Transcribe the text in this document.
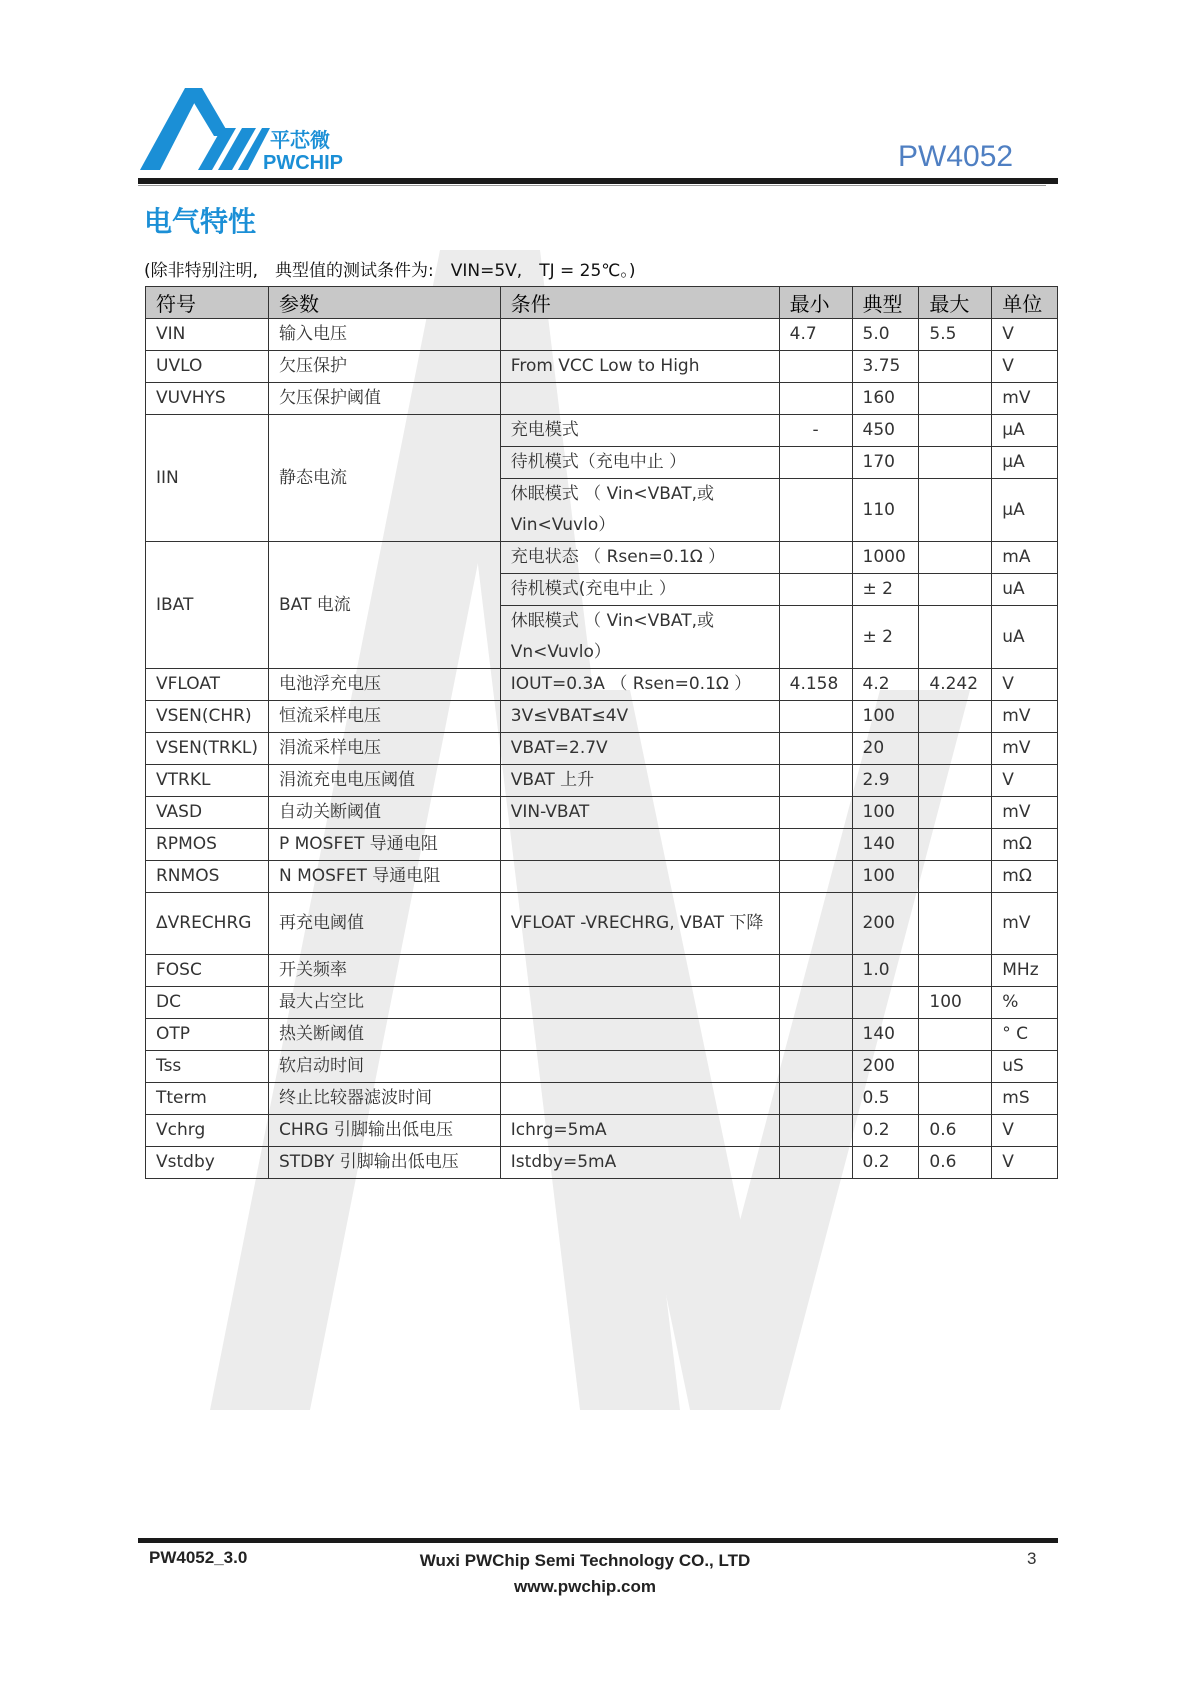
平芯微
PWCHIP	PW4052
电气特性
(除非特别注明,　典型值的测试条件为:　VIN=5V,　TJ = 25℃。)
符号	参数	条件	最小	典型	最大	单位
VIN	输入电压		4.7	5.0	5.5	V
UVLO	欠压保护	From VCC Low to High		3.75		V
VUVHYS	欠压保护阈值			160		mV
IIN	静态电流	充电模式	-	450		μA
		待机模式（充电中止 ）		170		μA
		休眠模式 （ Vin<VBAT,或Vin<Vuvlo）		110		μA
IBAT	BAT 电流	充电状态 （ Rsen=0.1Ω ）		1000		mA
		待机模式(充电中止 ）		± 2		uA
		休眠模式 （ Vin<VBAT,或Vn<Vuvlo）		± 2		uA
VFLOAT	电池浮充电压	IOUT=0.3A （ Rsen=0.1Ω ）	4.158	4.2	4.242	V
VSEN(CHR)	恒流采样电压	3V≤VBAT≤4V		100		mV
VSEN(TRKL)	涓流采样电压	VBAT=2.7V		20		mV
VTRKL	涓流充电电压阈值	VBAT 上升		2.9		V
VASD	自动关断阈值	VIN-VBAT		100		mV
RPMOS	P MOSFET 导通电阻			140		mΩ
RNMOS	N MOSFET 导通电阻			100		mΩ
ΔVRECHRG	再充电阈值	VFLOAT -VRECHRG, VBAT 下降		200		mV
FOSC	开关频率			1.0		MHz
DC	最大占空比				100	%
OTP	热关断阈值			140		° C
Tss	软启动时间			200		uS
Tterm	终止比较器滤波时间			0.5		mS
Vchrg	CHRG 引脚输出低电压	Ichrg=5mA		0.2	0.6	V
Vstdby	STDBY 引脚输出低电压	Istdby=5mA		0.2	0.6	V
PW4052_3.0	Wuxi PWChip Semi Technology CO., LTD
www.pwchip.com
3
